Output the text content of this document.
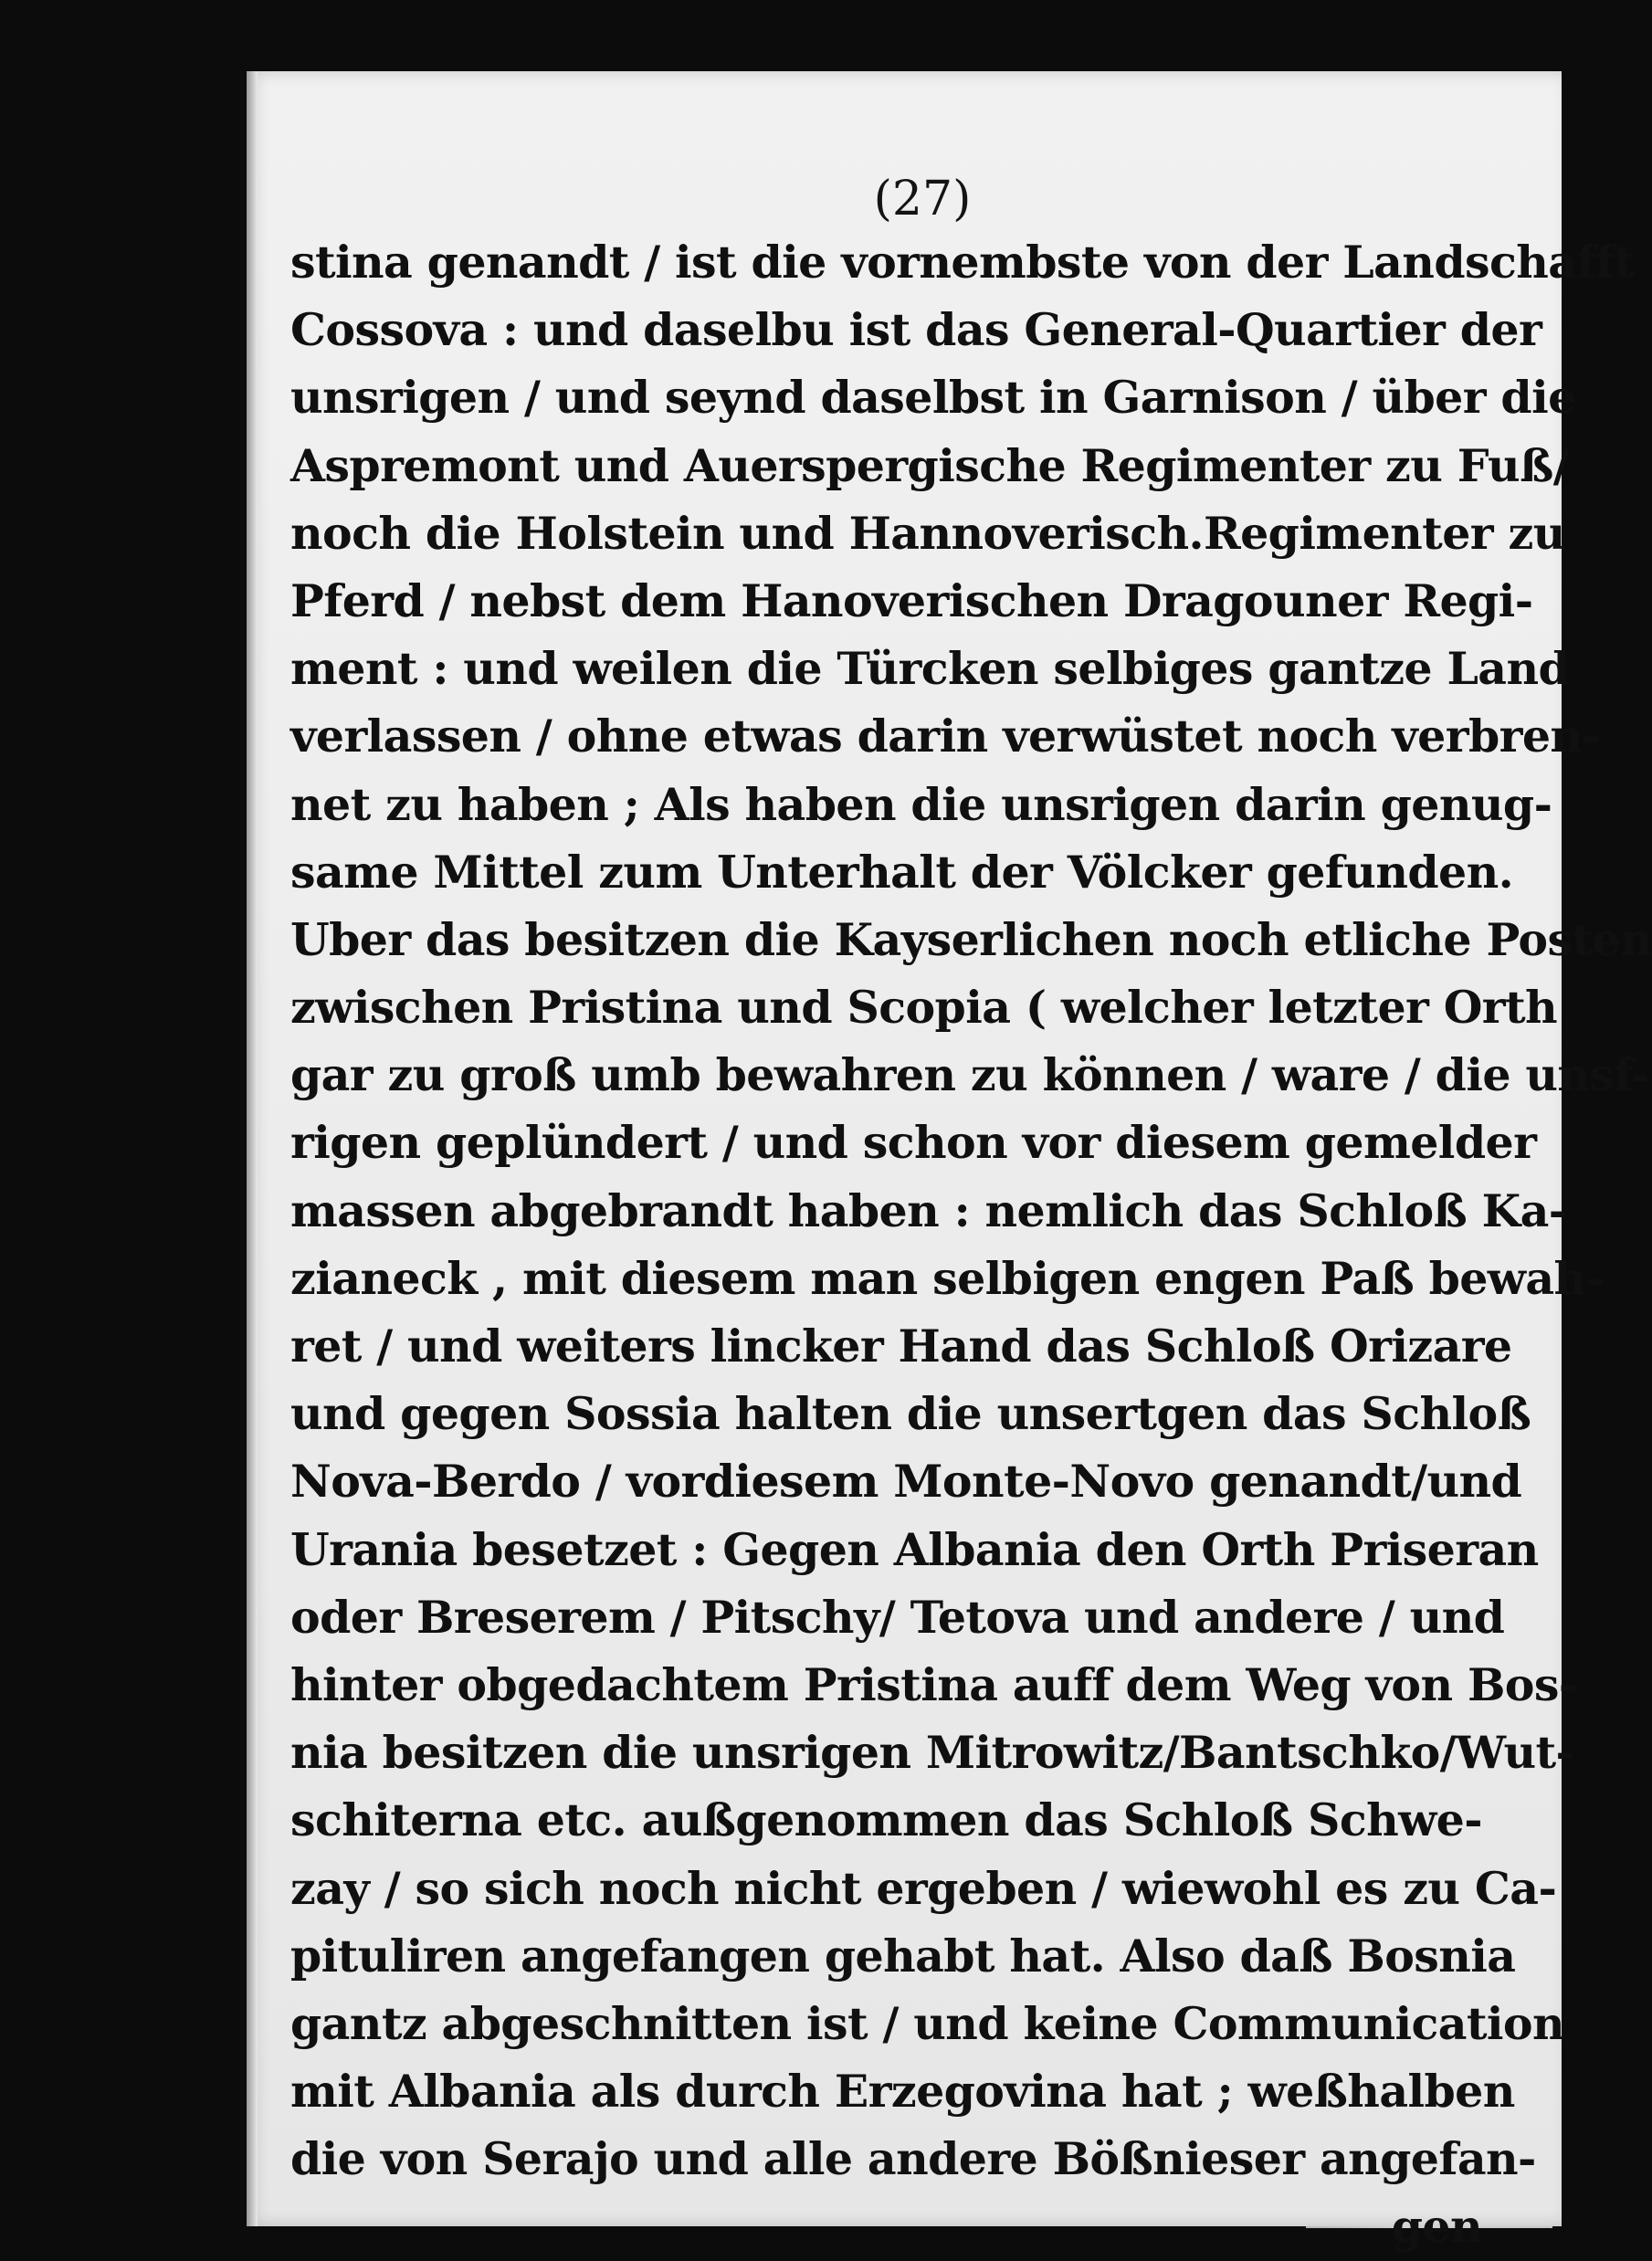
(27)
stina genandt / ist die vornembste von der Landschafft
Cossova : und daselbu ist das General-Quartier der
unsrigen / und seynd daselbst in Garnison / über die
Aspremont und Auerspergische Regimenter zu Fuß/
noch die Holstein und Hannoverisch.Regimenter zu
Pferd / nebst dem Hanoverischen Dragouner Regi-
ment : und weilen die Türcken selbiges gantze Land
verlassen / ohne etwas darin verwüstet noch verbren-
net zu haben ; Als haben die unsrigen darin genug-
same Mittel zum Unterhalt der Völcker gefunden.
Uber das besitzen die Kayserlichen noch etliche Posten
zwischen Pristina und Scopia ( welcher letzter Orth
gar zu groß umb bewahren zu können / ware / die unsf-
rigen geplündert / und schon vor diesem gemelder
massen abgebrandt haben : nemlich das Schloß Ka-
zianeck , mit diesem man selbigen engen Paß bewah-
ret / und weiters lincker Hand das Schloß Orizare
und gegen Sossia halten die unsertgen das Schloß
Nova-Berdo / vordiesem Monte-Novo genandt/und
Urania besetzet : Gegen Albania den Orth Priseran
oder Breserem / Pitschy/ Tetova und andere / und
hinter obgedachtem Pristina auff dem Weg von Bos-
nia besitzen die unsrigen Mitrowitz/Bantschko/Wut-
schiterna etc. außgenommen das Schloß Schwe-
zay / so sich noch nicht ergeben / wiewohl es zu Ca-
pituliren angefangen gehabt hat. Also daß Bosnia
gantz abgeschnitten ist / und keine Communication
mit Albania als durch Erzegovina hat ; weßhalben
die von Serajo und alle andere Bößnieser angefan-
gen
